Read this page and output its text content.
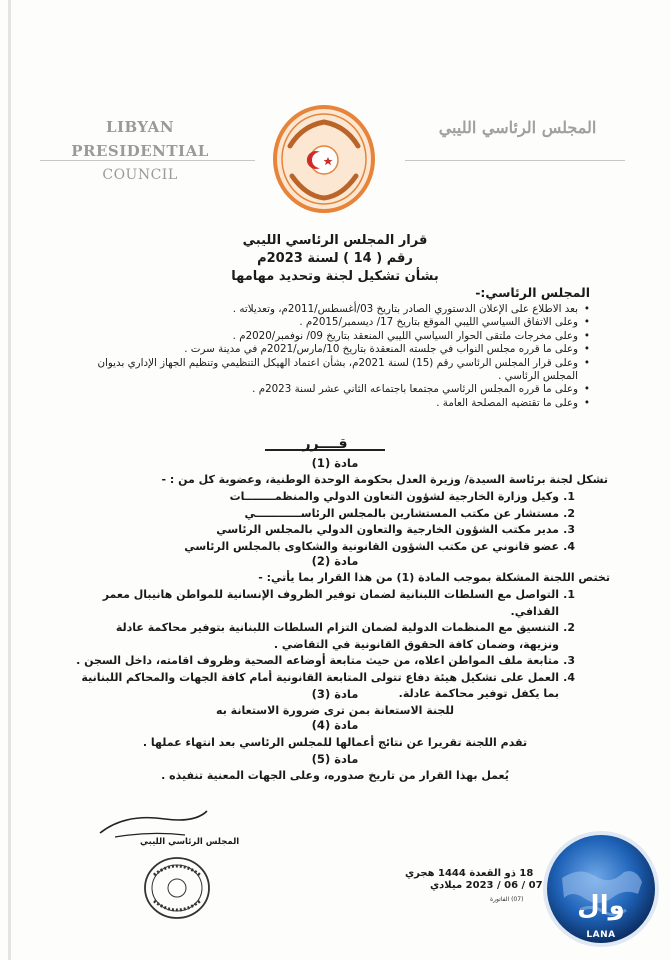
LIBYAN PRESIDENTIAL
COUNCIL
المجلس الرئاسي الليبي
قرار المجلس الرئاسي الليبي
رقم ( 14 ) لسنة 2023م
بشأن تشكيل لجنة وتحديد مهامها
المجلس الرئاسي:-
• بعد الاطلاع على الإعلان الدستوري الصادر بتاريخ 03/أغسطس/2011م، وتعديلاته .
• وعلى الاتفاق السياسي الليبي الموقع بتاريخ 17/ ديسمبر/2015م .
• وعلى مخرجات ملتقى الحوار السياسي الليبي المنعقد بتاريخ 09/ نوفمبر/2020م .
• وعلى ما قرره مجلس النواب في جلسته المنعقدة بتاريخ 10/مارس/2021م في مدينة سرت .
• وعلى قرار المجلس الرئاسي رقم (15) لسنة 2021م، بشأن اعتماد الهيكل التنظيمي وتنظيم الجهاز الإداري بديوان المجلس الرئاسي .
• وعلى ما قرره المجلس الرئاسي مجتمعا باجتماعه الثاني عشر لسنة 2023م .
• وعلى ما تقتضيه المصلحة العامة .
قــــرر
مادة (1)
تشكل لجنة برئاسة السيدة/ وزيرة العدل بحكومة الوحدة الوطنية، وعضوية كل من : -
1.
وكيل وزارة الخارجية لشؤون التعاون الدولي والمنظمــــــــات
2.
مستشار عن مكتب المستشارين بالمجلس الرئاســــــــــــي
3.
مدير مكتب الشؤون الخارجية والتعاون الدولي بالمجلس الرئاسي
4.
عضو قانوني عن مكتب الشؤون القانونية والشكاوى بالمجلس الرئاسي
مادة (2)
تختص اللجنة المشكلة بموجب المادة (1) من هذا القرار بما يأتي: -
1.
التواصل مع السلطات اللبنانية لضمان توفير الظروف الإنسانية للمواطن هانيبال معمر القذافي.
2.
التنسيق مع المنظمات الدولية لضمان التزام السلطات اللبنانية بتوفير محاكمة عادلة ونزيهة، وضمان كافة الحقوق القانونية في التقاضي .
3.
متابعة ملف المواطن اعلاه، من حيث متابعة أوضاعه الصحية وظروف اقامته، داخل السجن .
4.
العمل على تشكيل هيئة دفاع تتولى المتابعة القانونية أمام كافة الجهات والمحاكم اللبنانية بما يكفل توفير محاكمة عادلة.
مادة (3)
للجنة الاستعانة بمن ترى ضرورة الاستعانة به
مادة (4)
تقدم اللجنة تقريرا عن نتائج أعمالها للمجلس الرئاسي بعد انتهاء عملها .
مادة (5)
يُعمل بهذا القرار من تاريخ صدوره، وعلى الجهات المعنية تنفيذه .
المجلس الرئاسي الليبي
18 ذو القعدة 1444 هجري
07 / 06 / 2023 ميلادي
(07) الفاتورة وال
LANA
